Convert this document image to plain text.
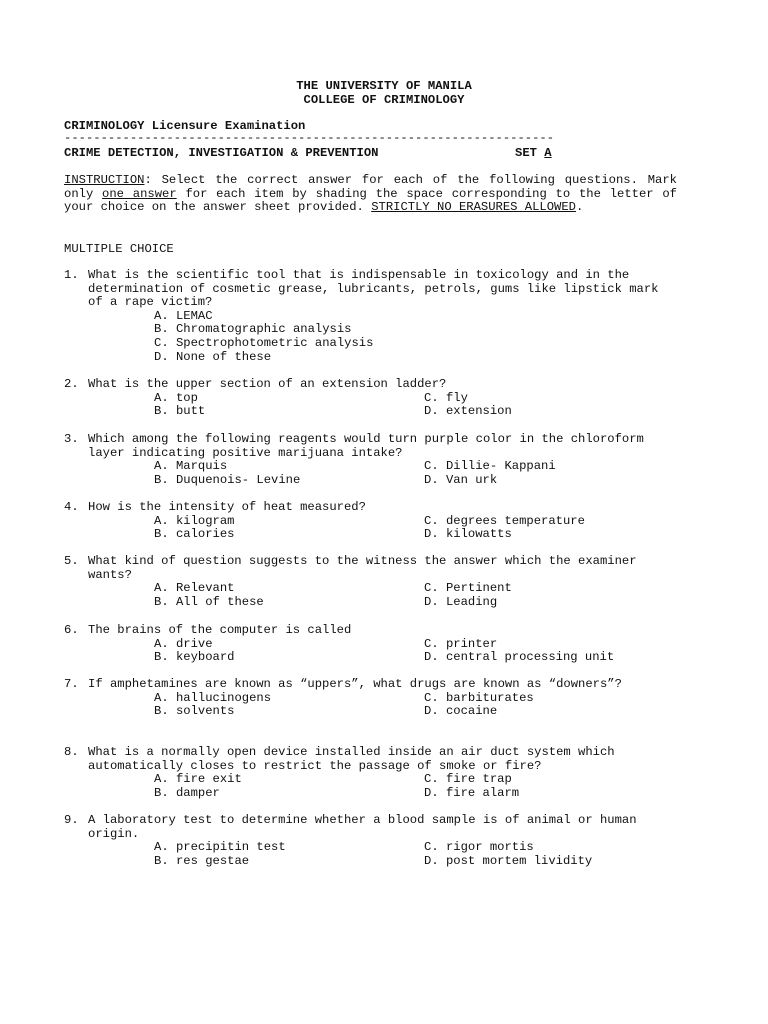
THE UNIVERSITY OF MANILA
COLLEGE OF CRIMINOLOGY
CRIMINOLOGY Licensure Examination
-------------------------------------------------------------------
CRIME DETECTION, INVESTIGATION & PREVENTION	SET A
INSTRUCTION: Select the correct answer for each of the following questions. Mark only one answer for each item by shading the space corresponding to the letter of your choice on the answer sheet provided. STRICTLY NO ERASURES ALLOWED.
MULTIPLE CHOICE
1. What is the scientific tool that is indispensable in toxicology and in the determination of cosmetic grease, lubricants, petrols, gums like lipstick mark of a rape victim?
A. LEMAC
B. Chromatographic analysis
C. Spectrophotometric analysis
D. None of these
2. What is the upper section of an extension ladder?
A. top	C. fly
B. butt	D. extension
3. Which among the following reagents would turn purple color in the chloroform layer indicating positive marijuana intake?
A. Marquis	C. Dillie- Kappani
B. Duquenois- Levine	D. Van urk
4. How is the intensity of heat measured?
A. kilogram	C. degrees temperature
B. calories	D. kilowatts
5. What kind of question suggests to the witness the answer which the examiner wants?
A. Relevant	C. Pertinent
B. All of these	D. Leading
6. The brains of the computer is called
A. drive	C. printer
B. keyboard	D. central processing unit
7. If amphetamines are known as “uppers”, what drugs are known as “downers”?
A. hallucinogens	C. barbiturates
B. solvents	D. cocaine
8. What is a normally open device installed inside an air duct system which automatically closes to restrict the passage of smoke or fire?
A. fire exit	C. fire trap
B. damper	D. fire alarm
9. A laboratory test to determine whether a blood sample is of animal or human origin.
A. precipitin test	C. rigor mortis
B. res gestae	D. post mortem lividity
